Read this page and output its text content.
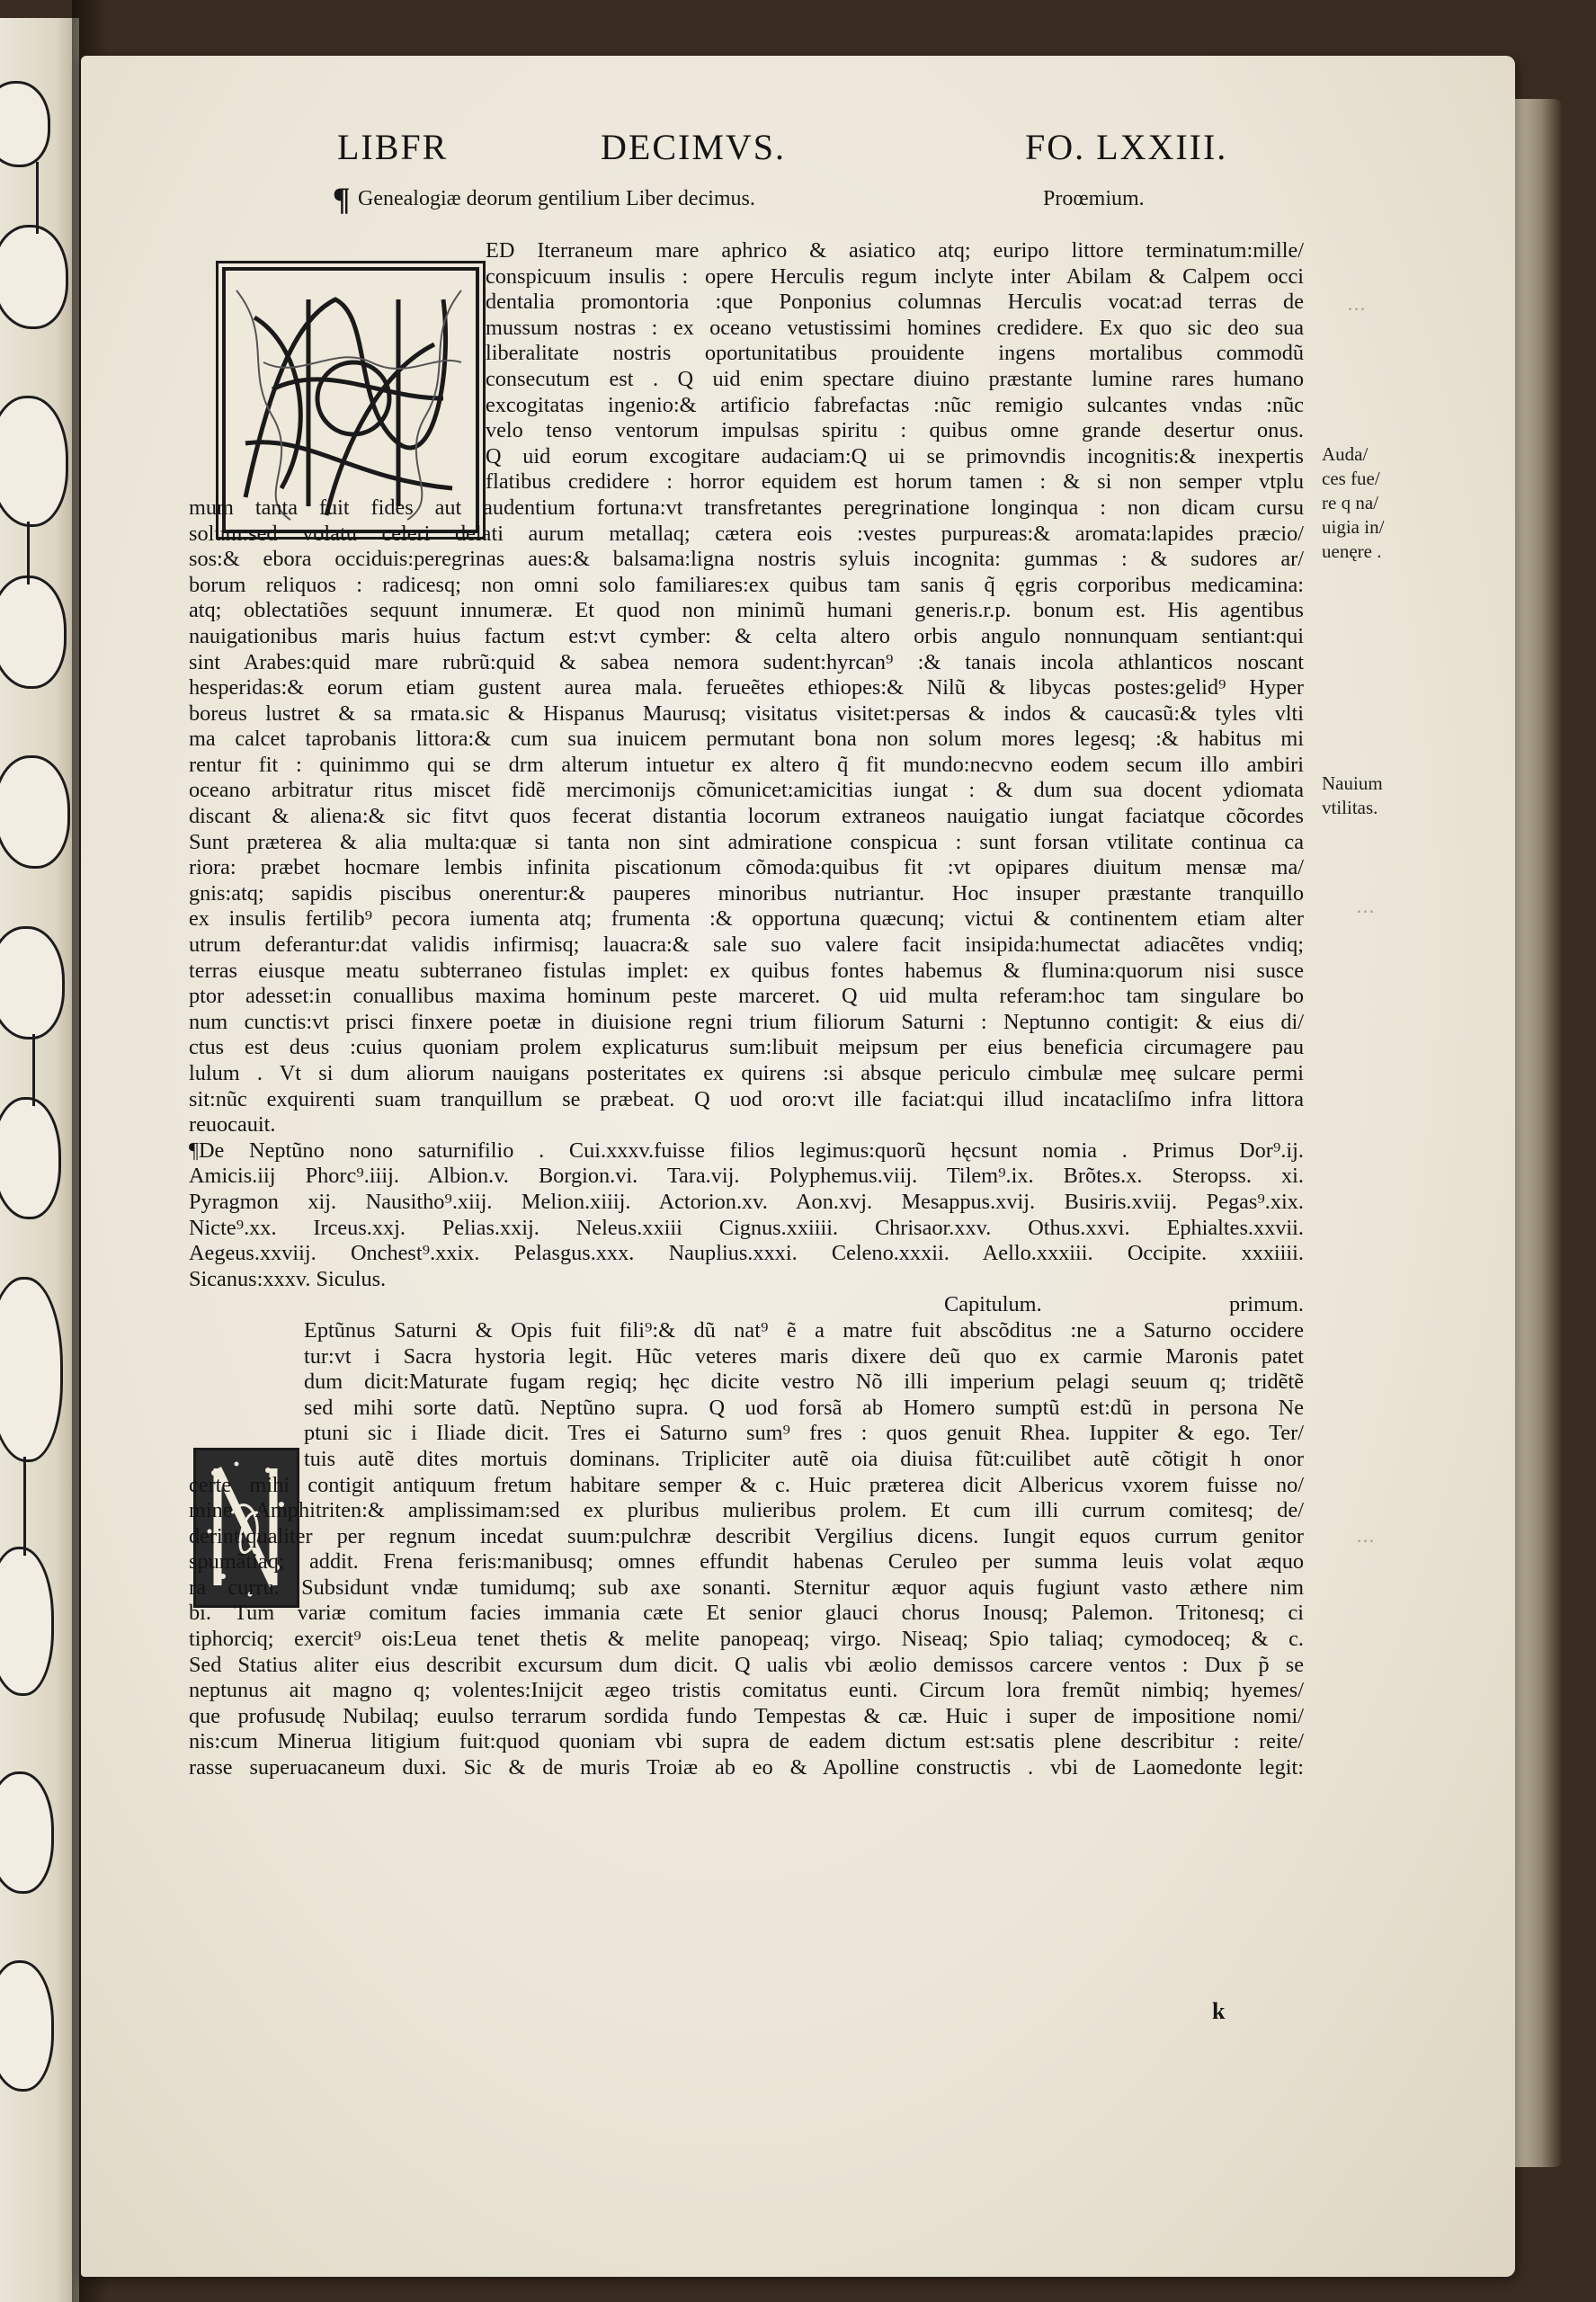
LIBFR	DECIMVS.	FO. LXXIII.
¶ Genealogiæ deorum gentilium Liber decimus.	Proœmium.
ED Iterraneum mare aphrico & asiatico atq; euripo littore terminatum:mille/
conspicuum insulis : opere Herculis regum inclyte inter Abilam & Calpem occi
dentalia promontoria :que Ponponius columnas Herculis vocat:ad terras de
mussum nostras : ex oceano vetustissimi homines credidere. Ex quo sic deo sua
liberalitate nostris oportunitatibus prouidente ingens mortalibus commodũ
consecutum est . Q uid enim spectare diuino præstante lumine rares humano
excogitatas ingenio:& artificio fabrefactas :nũc remigio sulcantes vndas :nũc
velo tenso ventorum impulsas spiritu : quibus omne grande desertur onus.
Q uid eorum excogitare audaciam:Q ui se primovndis incognitis:& inexpertis
flatibus credidere : horror equidem est horum tamen : & si non semper vtplu
mum tanta fuit fides aut audentium fortuna:vt transfretantes peregrinatione longinqua : non dicam cursu
solum:sed volatu celeri delati aurum metallaq; cætera eois :vestes purpureas:& aromata:lapides præcio/
sos:& ebora occiduis:peregrinas aues:& balsama:ligna nostris syluis incognita: gummas : & sudores ar/
borum reliquos : radicesq; non omni solo familiares:ex quibus tam sanis q̃ ęgris corporibus medicamina:
atq; oblectatiões sequunt innumeræ. Et quod non minimũ humani generis.r.p. bonum est. His agentibus
nauigationibus maris huius factum est:vt cymber: & celta altero orbis angulo nonnunquam sentiant:qui
sint Arabes:quid mare rubrũ:quid & sabea nemora sudent:hyrcan⁹ :& tanais incola athlanticos noscant
hesperidas:& eorum etiam gustent aurea mala. ferueẽtes ethiopes:& Nilũ & libycas postes:gelid⁹ Hyper
boreus lustret & sa rmata.sic & Hispanus Maurusq; visitatus visitet:persas & indos & caucasũ:& tyles vlti
ma calcet taprobanis littora:& cum sua inuicem permutant bona non solum mores legesq; :& habitus mi
rentur fit : quinimmo qui se drm alterum intuetur ex altero q̃ fit mundo:necvno eodem secum illo ambiri
oceano arbitratur ritus miscet fidẽ mercimonijs cõmunicet:amicitias iungat : & dum sua docent ydiomata
discant & aliena:& sic fitvt quos fecerat distantia locorum extraneos nauigatio iungat faciatque cõcordes
Sunt præterea & alia multa:quæ si tanta non sint admiratione conspicua : sunt forsan vtilitate continua ca
riora: præbet hocmare lembis infinita piscationum cõmoda:quibus fit :vt opipares diuitum mensæ ma/
gnis:atq; sapidis piscibus onerentur:& pauperes minoribus nutriantur. Hoc insuper præstante tranquillo
ex insulis fertilib⁹ pecora iumenta atq; frumenta :& opportuna quæcunq; victui & continentem etiam alter
utrum deferantur:dat validis infirmisq; lauacra:& sale suo valere facit insipida:humectat adiacẽtes vndiq;
terras eiusque meatu subterraneo fistulas implet: ex quibus fontes habemus & flumina:quorum nisi susce
ptor adesset:in conuallibus maxima hominum peste marceret. Q uid multa referam:hoc tam singulare bo
num cunctis:vt prisci finxere poetæ in diuisione regni trium filiorum Saturni : Neptunno contigit: & eius di/
ctus est deus :cuius quoniam prolem explicaturus sum:libuit meipsum per eius beneficia circumagere pau
lulum . Vt si dum aliorum nauigans posteritates ex quirens :si absque periculo cimbulæ meę sulcare permi
sit:nũc exquirenti suam tranquillum se præbeat. Q uod oro:vt ille faciat:qui illud incatacliſmo infra littora
reuocauit.
¶De Neptũno nono saturnifilio . Cui.xxxv.fuisse filios legimus:quorũ hęcsunt nomia . Primus Dor⁹.ij.
Amicis.iij Phorc⁹.iiij. Albion.v. Borgion.vi. Tara.vij. Polyphemus.viij. Tilem⁹.ix. Brõtes.x. Steropss. xi.
Pyragmon xij. Nausitho⁹.xiij. Melion.xiiij. Actorion.xv. Aon.xvj. Mesappus.xvij. Busiris.xviij. Pegas⁹.xix.
Nicte⁹.xx. Irceus.xxj. Pelias.xxij. Neleus.xxiii Cignus.xxiiii. Chrisaor.xxv. Othus.xxvi. Ephialtes.xxvii.
Aegeus.xxviij. Onchest⁹.xxix. Pelasgus.xxx. Nauplius.xxxi. Celeno.xxxii. Aello.xxxiii. Occipite. xxxiiii.
Sicanus:xxxv. Siculus.
Capitulum.	primum.
Eptũnus Saturni & Opis fuit fili⁹:& dũ nat⁹ ẽ a matre fuit abscõditus :ne a Saturno occidere
tur:vt i Sacra hystoria legit. Hũc veteres maris dixere deũ quo ex carmie Maronis patet
dum dicit:Maturate fugam regiq; hęc dicite vestro Nõ illi imperium pelagi seuum q; tridẽtẽ
sed mihi sorte datũ. Neptũno supra. Q uod forsã ab Homero sumptũ est:dũ in persona Ne
ptuni sic i Iliade dicit. Tres ei Saturno sum⁹ fres : quos genuit Rhea. Iuppiter & ego. Ter/
tuis autẽ dites mortuis dominans. Tripliciter autẽ oia diuisa fũt:cuilibet autẽ cõtigit h onor
certe mihi contigit antiquum fretum habitare semper & c. Huic præterea dicit Albericus vxorem fuisse no/
mine Amphitriten:& amplissimam:sed ex pluribus mulieribus prolem. Et cum illi currum comitesq; de/
derint:qualiter per regnum incedat suum:pulchræ describit Vergilius dicens. Iungit equos currum genitor
spumãtiaq; addit. Frena feris:manibusq; omnes effundit habenas Ceruleo per summa leuis volat æquo
ra curru. Subsidunt vndæ tumidumq; sub axe sonanti. Sternitur æquor aquis fugiunt vasto æthere nim
bi. Tum variæ comitum facies immania cæte Et senior glauci chorus Inousq; Palemon. Tritonesq; ci
tiphorciq; exercit⁹ ois:Leua tenet thetis & melite panopeaq; virgo. Niseaq; Spio taliaq; cymodoceq; & c.
Sed Statius aliter eius describit excursum dum dicit. Q ualis vbi æolio demissos carcere ventos : Dux p̃ se
neptunus ait magno q; volentes:Inijcit ægeo tristis comitatus eunti. Circum lora fremũt nimbiq; hyemes/
que profusudę Nubilaq; euulso terrarum sordida fundo Tempestas & cæ. Huic i super de impositione nomi/
nis:cum Minerua litigium fuit:quod quoniam vbi supra de eadem dictum est:satis plene describitur : reite/
rasse superuacaneum duxi. Sic & de muris Troiæ ab eo & Apolline constructis . vbi de Laomedonte legit:
Auda/
ces fue/
re q na/
uigia in/
uenęre .
Nauium
vtilitas.
⋯
⋯
⋯
k
